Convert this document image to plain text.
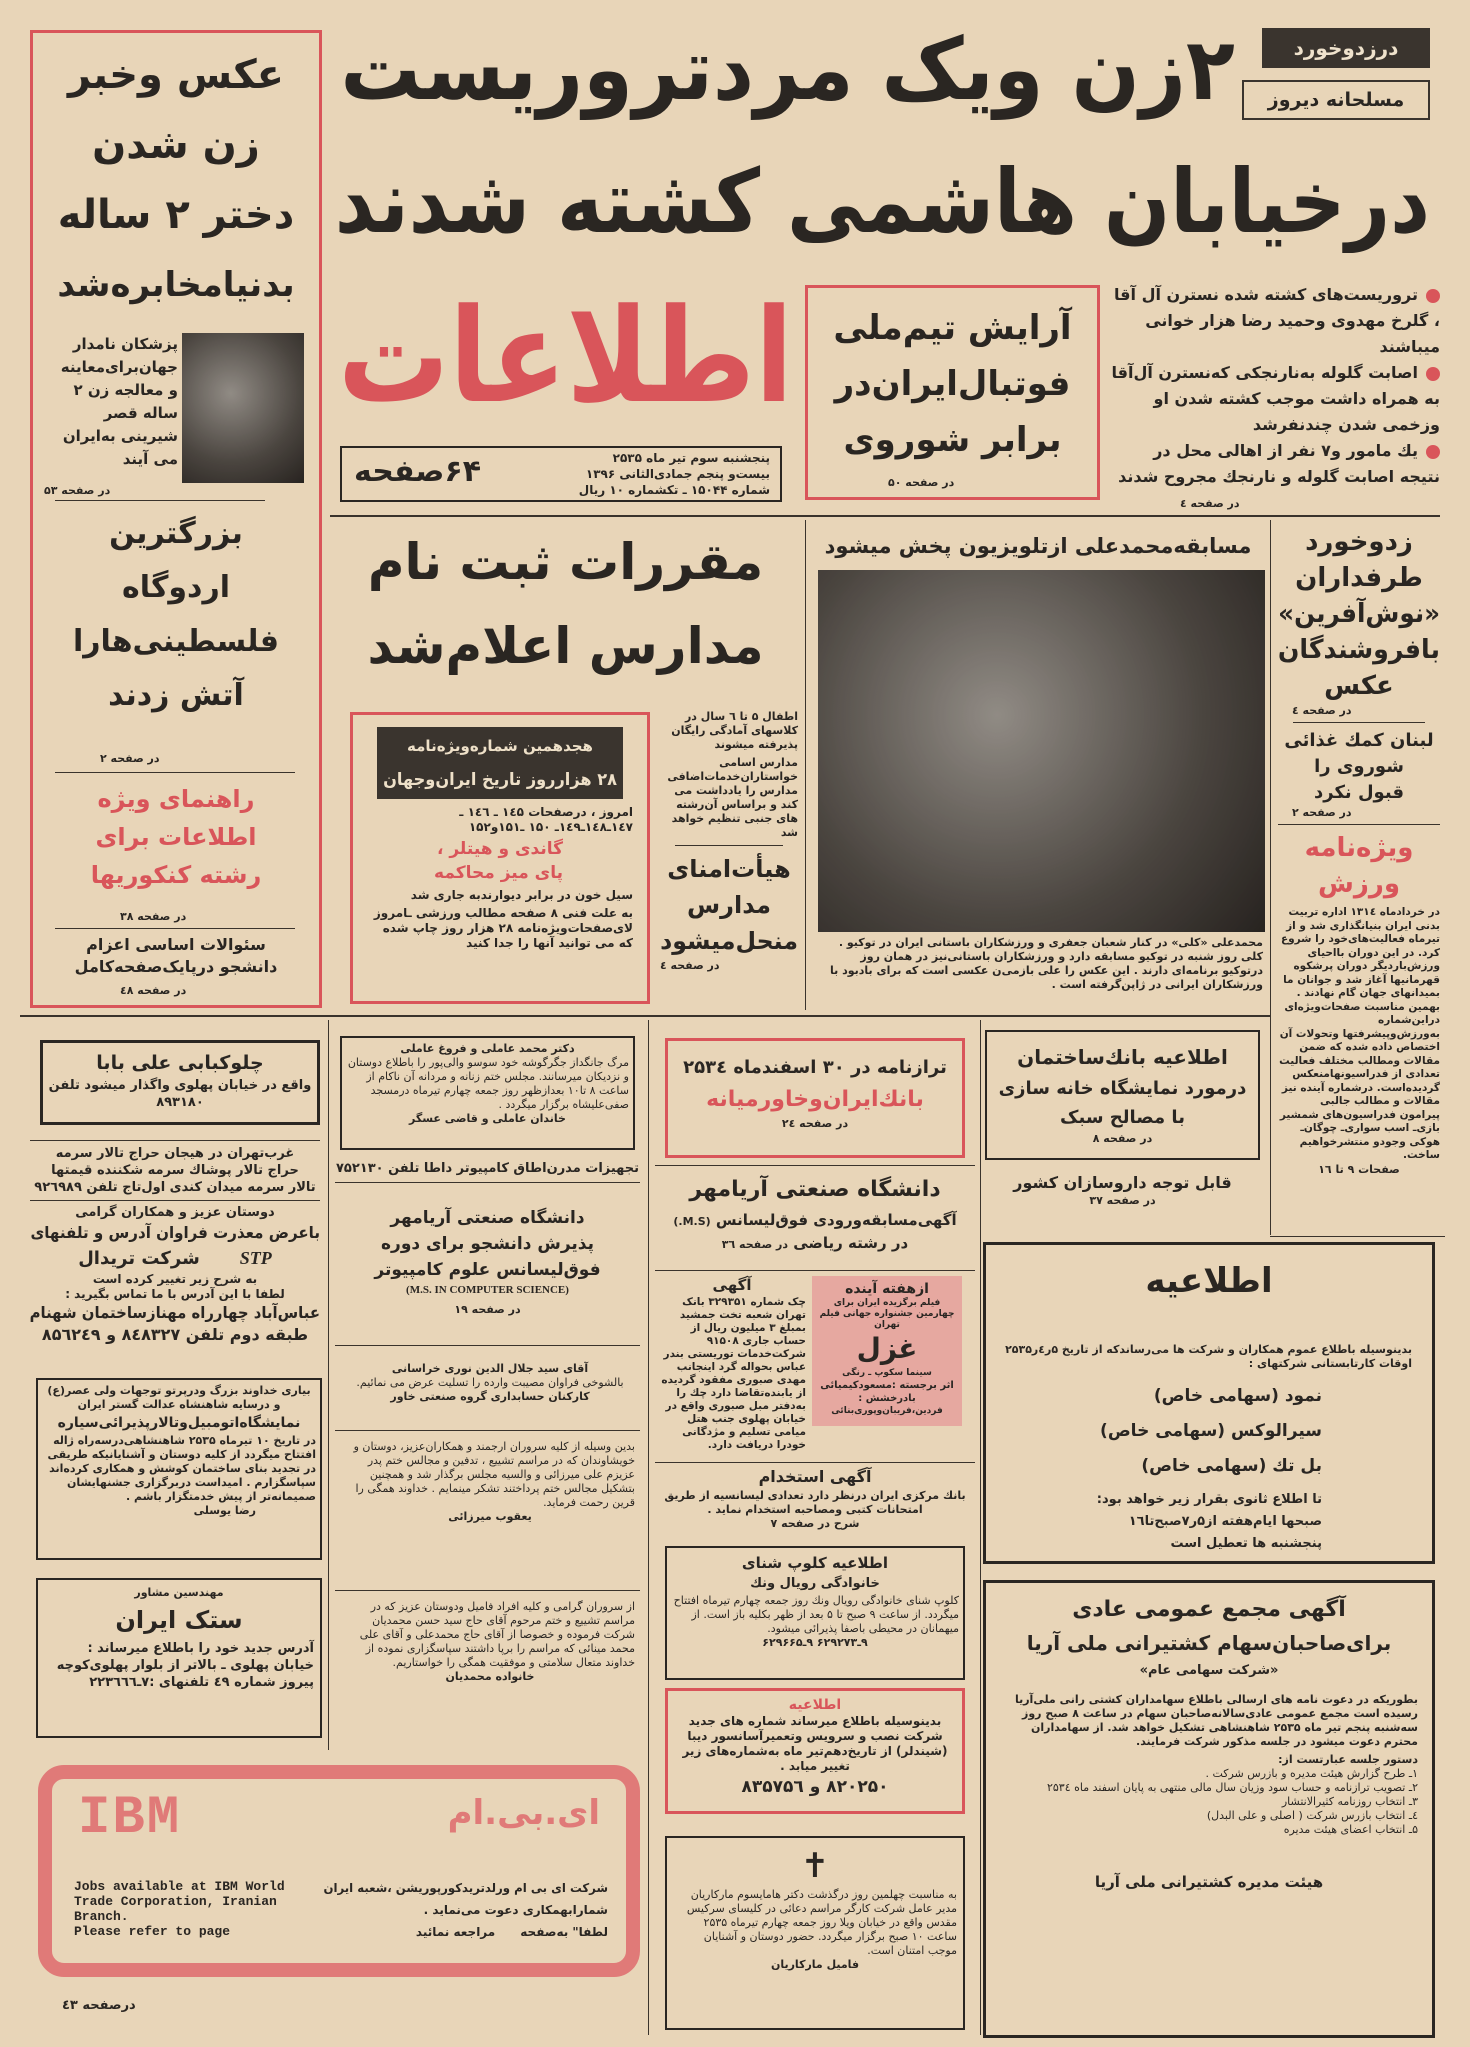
عکس وخبر
زن شدن
دختر ۲ ساله
بدنیامخابره‌شد
پزشکان نامدار
جهان‌برای‌معاینه
و معالجه زن ۲
ساله قصر
شیرینی به‌ایران
می آیند
در صفحه ۵۳
بزرگترین
اردوگاه
فلسطینی‌هارا
آتش زدند
در صفحه ۲
راهنمای ویژه
اطلاعات برای
رشته کنکوریها
در صفحه ۳۸
سئوالات اساسی اعزام
دانشجو درپایک‌صفحه‌کامل
در صفحه ٤۸
۲زن ویک مردتروریست
درخیابان هاشمی کشته شدند
درزدوخورد
مسلحانه دیروز
اطلاعات
۶۴صفحه	پنجشنبه سوم تیر ماه ۲۵۳۵
بیست‌و پنجم جمادی‌الثانی ۱۳۹۶
شماره ۱۵۰۴۴ ـ تکشماره ۱۰ ریال
آرایش تیم‌ملی
فوتبال‌ایران‌در
برابر شوروی
در صفحه ۵۰
تروریست‌های کشته شده نسترن آل آقا ، گلرخ مهدوی وحمید رضا هزار خوانی میباشند
اصابت گلوله به‌نارنجکی که‌نسترن آل‌آقا به همراه داشت موجب کشته شدن او وزخمی شدن چندنفرشد
یك مامور و۷ نفر از اهالی محل در نتیجه اصابت گلوله و نارنجك مجروح شدند
در صفحه ٤
مقررات ثبت نام
مدارس اعلام‌شد
هجدهمین شماره‌ویژه‌نامه
۲۸ هزارروز تاریخ ایران‌وجهان
امروز ، درصفحات ۱٤۵ ـ ۱٤٦ ـ
۱٤۷ـ۱٤۸ـ۱٤۹ـ ۱۵۰ ـ۱۵۱و۱۵۲
گاندی و هیتلر ،
پای میز محاکمه
سیل خون در برابر دیوارندبه جاری شد
به علت فنی ۸ صفحه مطالب ورزشی ـامروز لای‌صفحات‌ویژه‌نامه ۲۸ هزار روز چاپ شده که می توانید آنها را جدا کنید

اطفال ۵ تا ٦ سال در کلاسهای آمادگی رایگان پذیرفته میشوند

مدارس اسامی خواستاران‌خدمات‌اضافی مدارس را یادداشت می کند و براساس آن‌رشته های جنبی تنظیم خواهد شد

هیأت‌امنای
مدارس
منحل‌میشود
در صفحه ٤
مسابقه‌محمدعلی ازتلویزیون پخش میشود
محمدعلی «کلی» در کنار شعبان جعفری و ورزشکاران باستانی ایران در توکیو . کلی روز شنبه در توکیو مسابقه دارد و ورزشکاران باستانی‌نیز در همان روز درتوکیو برنامه‌ای دارند . این عکس‌ را ‌علی بازمی‌ن عکسی است که برای بادبود با ورزشکاران ایرانی در ژاپن‌گرفته است .
زدوخورد
طرفداران
«نوش‌آفرین»
بافروشندگان
عکس
در صفحه ٤
لبنان کمك غذائی
شوروی را
قبول نکرد
در صفحه ۲
ویژه‌نامه
ورزش
در خردادماه ۱۳۱٤ اداره تربیت بدنی ایران بنیانگذاری شد و از تیرماه فعالیت‌های‌خود را شروع کرد. در این دوران بااحیای ورزش‌باردیگر دوران پرشکوه قهرمانیها آغاز شد و جوانان ما بمیدانهای جهان گام نهادند . بهمین مناسبت صفحات‌ویژه‌ای دراین‌شماره به‌ورزش‌وپیشرفتها وتحولات آن اختصاص داده شده که ضمن مقالات ومطالب مختلف فعالیت تعدادی از فدراسیونهامنعکس گردیده‌است. درشماره آینده نیز مقالات و مطالب جالبی پیرامون فدراسیون‌های شمشیر بازی‌ـ اسب سواری‌ـ چوگان‌ـ هوکی وجودو منتشرخواهیم ساخت.
صفحات ۹ تا ۱٦
چلوکبابی علی بابا
واقع در خیابان پهلوی واگذار میشود تلفن
۸۹۳۱۸۰
غرب‌تهران در هیجان حراج تالار سرمه
حراج تالار پوشاك سرمه شکننده قیمتها
تالار سرمه میدان کندی اول‌تاج تلفن ۹۲٦۹۸۹
دوستان عزیز و همکاران گرامی
باعرض معذرت فراوان آدرس و تلفنهای
STPشرکت تریدال
به شرح زیر تغییر کرده است
لطفا با این آدرس با ما تماس بگیرید :
عباس‌آباد چهارراه مهنازساختمان شهنام
طبقه دوم تلفن ۸٤۸۳۲۷ و ۸۵٦۲٤۹
بیاری خداوند بزرگ ودرپرتو توجهات ولی عصر(ع)
و درسایه شاهنشاه عدالت گستر ایران
نمایشگاه‌اتومبیل‌وتالارپذیرائی‌سیاره
در تاریخ ۱۰ تیرماه ۲۵۳۵ شاهنشاهی‌درسه‌راه ژاله افتتاح میگردد از کلیه دوستان و آشنایانیکه طریقی در تجدید بنای ساختمان کوشش و همکاری کرده‌اند سپاسگزارم . امیداست دربرگزاری جشنهایشان صمیمانه‌تر از پیش خدمتگزار باشم .
رضا یوسلی
مهندسین مشاور
ستک ایران
آدرس جدید خود را باطلاع میرساند : خیابان پهلوی ـ بالاتر از بلوار پهلوی‌کوچه پیروز شماره ٤۹ تلفنهای :۷ـ۲۲۳٦٦٦
دکتر محمد عاملی و فروغ عاملی
مرگ جانگداز جگرگوشه خود سوسو والی‌پور را باطلاع دوستان و نزدیکان میرسانند. مجلس ختم زنانه و مردانه آن ناکام از ساعت ۸ تا۱۰ بعدازظهر روز جمعه چهارم تیرماه درمسجد صفی‌علیشاه برگزار میگردد .
خاندان عاملی و قاضی عسگر
تجهیزات مدرن‌اطاق کامپیوتر داطا تلفن ۷۵۲۱۳۰
دانشگاه صنعتی آریامهر
پذیرش دانشجو برای دوره
فوق‌لیسانس علوم کامپیوتر
(M.S. IN COMPUTER SCIENCE)
در صفحه ۱۹
آقای سید جلال الدین نوری خراسانی
بالشوخی فراوان مصیبت وارده را تسلیت عرض می نمائیم.
کارکنان حسابداری گروه صنعتی خاور
بدین وسیله از کلیه سروران ارجمند و همکاران‌عزیز، دوستان و خویشاوندان که در مراسم تشییع ، تدفین و مجالس ختم پدر عزیزم علی میرزائی و والسیه مجلس برگذار شد و همچنین بتشکیل مجالس ختم پرداختند تشکر مینمایم . خداوند همگی را قرین رحمت فرماید.
یعقوب میرزائی
از سروران گرامی و کلیه افراد فامیل ودوستان عزیز که در مراسم تشییع و ختم مرحوم آقای حاج سید حسن محمدیان شرکت فرموده و خصوصا از آقای حاج محمد‌علی و آقای علی محمد مینائی که مراسم را برپا داشتند سپاسگزاری نموده از خداوند متعال سلامتی و موفقیت همگی را خواستاریم.
خانواده محمدیان
ترازنامه در ۳۰ اسفندماه ۲۵۳٤
بانك‌ایران‌وخاورمیانه
در صفحه ۲٤
دانشگاه صنعتی آریامهر
آگهی‌مسابقه‌ورودی فوق‌لیسانس (M.S.)
در رشته ریاضی در صفحه ۳٦
آگهی
چک شماره ۳۲۹۳۵۱ بانک تهران شعبه تخت جمشید بمبلغ ۳ میلیون ریال از حساب جاری ۹۱۵۰۸ شرکت‌خدمات توریستی بندر عباس بحواله گرد اینجانب مهدی صبوری مفقود گردیده از یابنده‌تقاضا دارد چك را به‌دفتر مبل صبوری واقع در خیابان پهلوی جنب هتل میامی تسلیم و مژدگانی خودرا دریافت دارد.
ازهفته آینده
فیلم برگزیده ایران برای چهارمین جشنواره جهانی فیلم تهران
غزل
سینما سکوپ ـ رنگی
اثر برجسته :مسعودکیمیائی
بادرخشش :
فردین،فریبان‌و‌پوری‌بنائی
آگهی استخدام
بانك مرکزی ایران درنظر دارد تعدادی لیسانسیه از طریق امتحانات کتبی ومصاحبه استخدام نماید .
شرح در صفحه ۷
اطلاعیه کلوپ شنای
خانوادگی رویال ونك
کلوپ شنای خانوادگی رویال ونك روز جمعه چهارم تیرماه افتتاح میگردد. از ساعت ۹ صبح تا ۵ بعد از ظهر بکلیه باز است. از میهمانان در محیطی باصفا پذیرائی میشود.
۹ـ۶۲۹۲۷۳ ۹ـ۶۲۹۶۶۵
اطلاعیه
بدینوسیله باطلاع میرساند شماره های جدید شرکت نصب و سرویس وتعمیرآسانسور دیبا (شیندلر) از تاریخ‌دهم‌تیر ماه به‌شماره‌های زیر تغییر میابد .
۸۲۰۲۵۰ و ۸۳۵۷۵٦
✝
به مناسبت چهلمین روز درگذشت دکتر هامایسوم مارکاریان مدیر عامل شرکت کارگر مراسم دعائی در کلیسای سرکیس مقدس واقع در خیابان ویلا روز جمعه چهارم تیرماه ۲۵۳۵ ساعت ۱۰ صبح برگزار میگردد. حضور دوستان و آشنایان موجب امتنان است.
فامیل مارکاریان
اطلاعیه بانك‌ساختمان
درمورد نمایشگاه خانه سازی
با مصالح سبک
در صفحه ۸
قابل توجه داروسازان کشور
در صفحه ۳۷
اطلاعیه
بدینوسیله باطلاع عموم همکاران و شرکت ها می‌رساندکه از تاریخ ۵ر٤ر۲۵۳۵ اوقات کارتابستانی شرکتهای :
نمود (سهامی خاص)
سیرالوکس (سهامی خاص)
بل تك (سهامی خاص)
تا اطلاع ثانوی بقرار زیر خواهد بود:
صبحها ایام‌هفته از۵ر۷صبح‌تا۱٦
پنجشنبه ها تعطیل است
آگهی مجمع عمومی عادی
برای‌صاحبان‌سهام کشتیرانی ملی آریا
«شرکت سهامی عام»
بطوریکه در دعوت نامه های ارسالی باطلاع سهامداران کشتی رانی ملی‌آریا رسیده است مجمع عمومی عادی‌سالانه‌صاحبان سهام در ساعت ۸ صبح روز سه‌شنبه‌ پنجم ‌تیر ماه ۲۵۳۵ شاهنشاهی تشکیل خواهد شد. از سهامداران محترم دعوت میشود در جلسه مذکور شرکت فرمایند.
دستور جلسه عبارتست از:
۱ـ طرح گزارش هیئت مدیره و بازرس شرکت .
۲ـ تصویب ترازنامه و حساب سود وزیان سال مالی منتهی به پایان اسفند ماه ۲۵۳٤
۳ـ انتخاب روزنامه کثیرالانتشار
٤ـ انتخاب بازرس شرکت ( اصلی و علی البدل)
۵ـ انتخاب اعضای هیئت مدیره
هیئت مدیره کشتیرانی ملی آریا
IBM	ای.بی.ام
Jobs available at IBM World
Trade Corporation, Iranian
Branch.
Please refer to page
شرکت ای بی ام ورلدتریدکورپوریشن ،شعبه ایران
شمارابهمکاری دعوت می‌نماید .
لطفا" به‌صفحه      مراجعه نمائید
درصفحه ٤۳
